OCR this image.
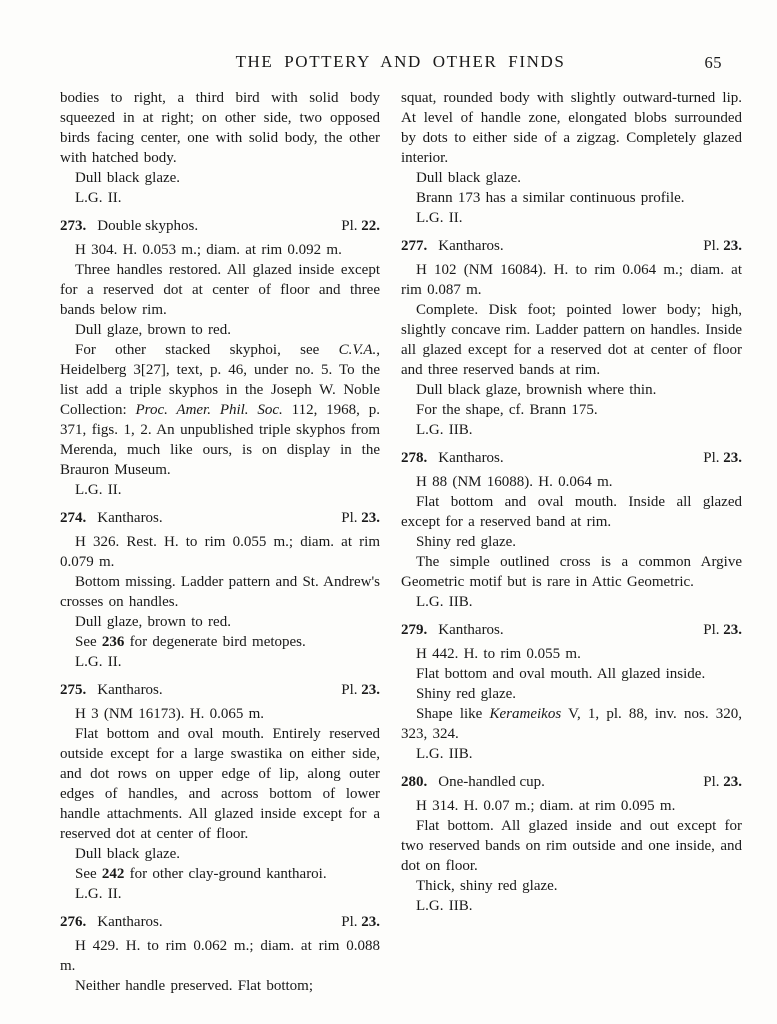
THE POTTERY AND OTHER FINDS	65

bodies to right, a third bird with solid body squeezed in at right; on other side, two opposed birds facing center, one with solid body, the other with hatched body.

Dull black glaze.

L.G. II.

273. Double skyphos.	Pl. 22.

H 304. H. 0.053 m.; diam. at rim 0.092 m.

Three handles restored. All glazed inside except for a reserved dot at center of floor and three bands below rim.

Dull glaze, brown to red.

For other stacked skyphoi, see C.V.A., Heidelberg 3[27], text, p. 46, under no. 5. To the list add a triple skyphos in the Joseph W. Noble Collection: Proc. Amer. Phil. Soc. 112, 1968, p. 371, figs. 1, 2. An unpublished triple skyphos from Merenda, much like ours, is on display in the Brauron Museum.

L.G. II.

274. Kantharos.	Pl. 23.

H 326. Rest. H. to rim 0.055 m.; diam. at rim 0.079 m.

Bottom missing. Ladder pattern and St. Andrew's crosses on handles.

Dull glaze, brown to red.

See 236 for degenerate bird metopes.

L.G. II.

275. Kantharos.	Pl. 23.

H 3 (NM 16173). H. 0.065 m.

Flat bottom and oval mouth. Entirely reserved outside except for a large swastika on either side, and dot rows on upper edge of lip, along outer edges of handles, and across bottom of lower handle attachments. All glazed inside except for a reserved dot at center of floor.

Dull black glaze.

See 242 for other clay-ground kantharoi.

L.G. II.

276. Kantharos.	Pl. 23.

H 429. H. to rim 0.062 m.; diam. at rim 0.088 m.

Neither handle preserved. Flat bottom;

squat, rounded body with slightly outward-turned lip. At level of handle zone, elongated blobs surrounded by dots to either side of a zigzag. Completely glazed interior.

Dull black glaze.

Brann 173 has a similar continuous profile.

L.G. II.

277. Kantharos.	Pl. 23.

H 102 (NM 16084). H. to rim 0.064 m.; diam. at rim 0.087 m.

Complete. Disk foot; pointed lower body; high, slightly concave rim. Ladder pattern on handles. Inside all glazed except for a reserved dot at center of floor and three reserved bands at rim.

Dull black glaze, brownish where thin.

For the shape, cf. Brann 175.

L.G. IIB.

278. Kantharos.	Pl. 23.

H 88 (NM 16088). H. 0.064 m.

Flat bottom and oval mouth. Inside all glazed except for a reserved band at rim.

Shiny red glaze.

The simple outlined cross is a common Argive Geometric motif but is rare in Attic Geometric.

L.G. IIB.

279. Kantharos.	Pl. 23.

H 442. H. to rim 0.055 m.

Flat bottom and oval mouth. All glazed inside.

Shiny red glaze.

Shape like Kerameikos V, 1, pl. 88, inv. nos. 320, 323, 324.

L.G. IIB.

280. One-handled cup.	Pl. 23.

H 314. H. 0.07 m.; diam. at rim 0.095 m.

Flat bottom. All glazed inside and out except for two reserved bands on rim outside and one inside, and dot on floor.

Thick, shiny red glaze.

L.G. IIB.
